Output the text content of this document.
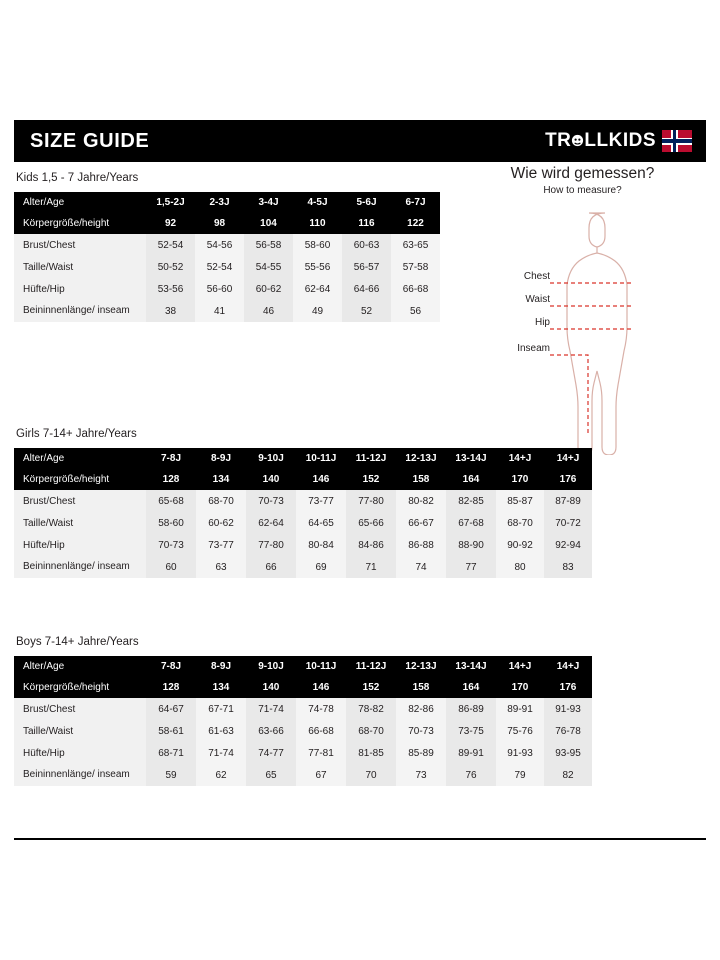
SIZE GUIDE	TR LLKIDS

Wie wird gemessen?

How to measure?

Chest
Waist
Hip
Inseam
Kids 1,5 - 7 Jahre/Years
Alter/Age	1,5-2J	2-3J	3-4J	4-5J	5-6J	6-7J
Körpergröße/height	92	98	104	110	116	122
Brust/Chest	52-54	54-56	56-58	58-60	60-63	63-65
Taille/Waist	50-52	52-54	54-55	55-56	56-57	57-58
Hüfte/Hip	53-56	56-60	60-62	62-64	64-66	66-68
Beininnenlänge/ inseam	38	41	46	49	52	56
Girls 7-14+ Jahre/Years
Alter/Age	7-8J	8-9J	9-10J	10-11J	11-12J	12-13J	13-14J	14+J	14+J
Körpergröße/height	128	134	140	146	152	158	164	170	176
Brust/Chest	65-68	68-70	70-73	73-77	77-80	80-82	82-85	85-87	87-89
Taille/Waist	58-60	60-62	62-64	64-65	65-66	66-67	67-68	68-70	70-72
Hüfte/Hip	70-73	73-77	77-80	80-84	84-86	86-88	88-90	90-92	92-94
Beininnenlänge/ inseam	60	63	66	69	71	74	77	80	83
Boys 7-14+ Jahre/Years
Alter/Age	7-8J	8-9J	9-10J	10-11J	11-12J	12-13J	13-14J	14+J	14+J
Körpergröße/height	128	134	140	146	152	158	164	170	176
Brust/Chest	64-67	67-71	71-74	74-78	78-82	82-86	86-89	89-91	91-93
Taille/Waist	58-61	61-63	63-66	66-68	68-70	70-73	73-75	75-76	76-78
Hüfte/Hip	68-71	71-74	74-77	77-81	81-85	85-89	89-91	91-93	93-95
Beininnenlänge/ inseam	59	62	65	67	70	73	76	79	82
